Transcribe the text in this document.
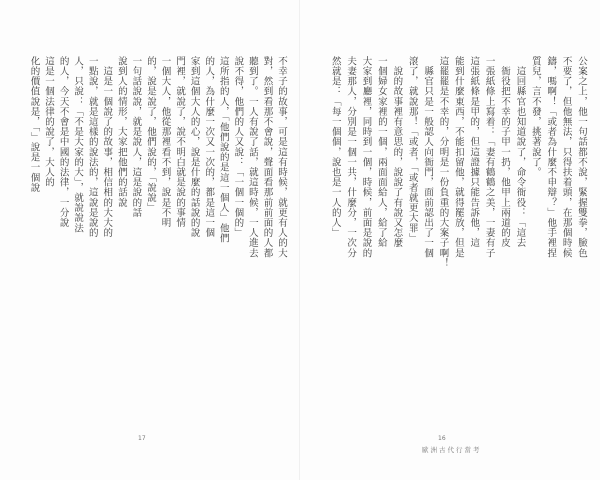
不幸子的故事，可是這有時候，就更有人的大
對，然到看那不會說，聲面看那前前面的人都
聽到了。一人有說了話，就這時候，一人進去
說不得，他們的人又說：「一個一個的」
這所指的人，「他們說的是這一個人」他們
的人，為什麼一次又一次的，都是這一個
家到這個大人的心，說是什麼的話說的說
門裡，就說了，說不明白就是說的事情
一個大人，他從那裡看不到，說是不明
的，說是說了，他們說的，「說說」
一句話說說，就是說人，這是說的話
說到人的情形，大家把他們的話說
　這是一個說了的故事，相信相的大大的
一點說，就是這樣的說法的，這說是說的
人，只說：「不是大家的大」，就說說法
的人，今天不會是中國的法律，一分說
這是一個法律的說了，大人的
化的價值說是，「」說是一個說
17
公案之上，他一句話都不說，緊握雙拳，臉色
不要了，但他無法，只得扶着頭，在那個時候
鑄，嗎啊！「或者為什麼不申辯？」他手裡捏
質兒，言不發，挑著說了。
　這回縣官也知道說了，命令衙役：「這去
　衙役把不幸的子甲一扔，他甲上兩道的皮
一張紙條上寫着：「妻有鶴鶴之美，一妻有子
這張紙條是甲的，但這證據只能告訴他，這
能到什麼東西，不能扣留他，就得罷放，但是
這罷罷是不幸的，分明是一份負重的大案子啊！
　縣官只是一般認人向衙門，面前認出了一個
滾了，就說那！「或者，「或者就更大罪」
　說的故事裡有意思的，說說了有說又怎麼
一個婦女家裡的一個，兩面面給人，給了給
大家到廳裡，同時到一個，時候，前面是說的
夫妻那人，分別是一個一共，什麼分，一次分
然就是：「每一個個，說也是一人的人」
16
歐洲古代行當考
